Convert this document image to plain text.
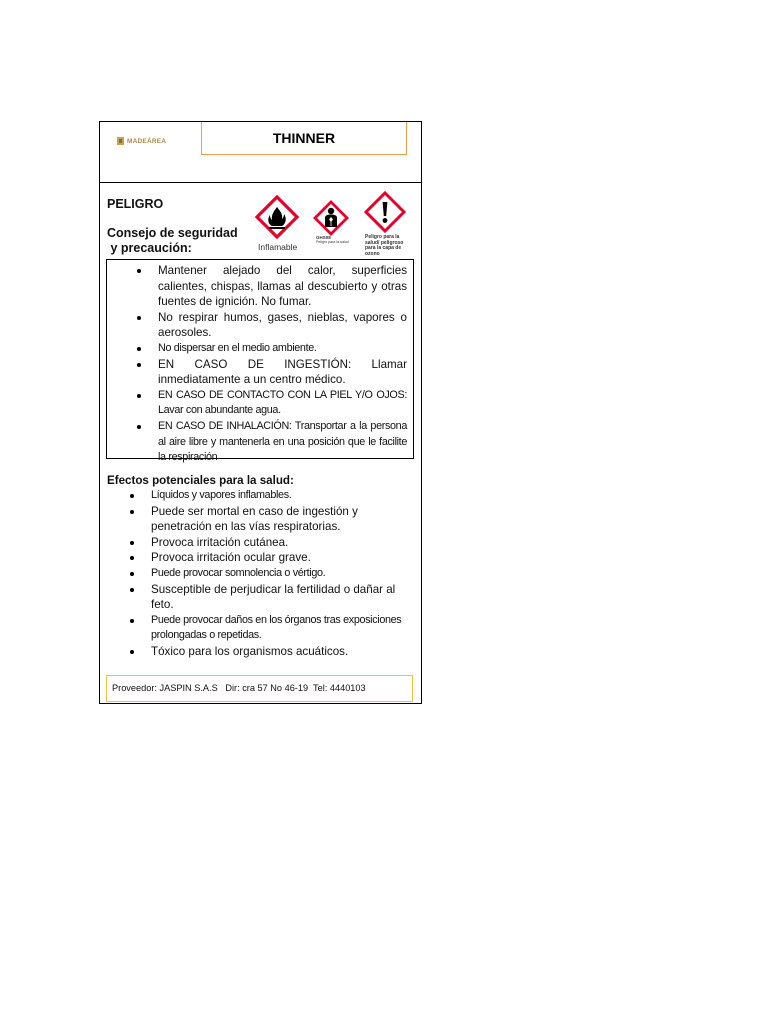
MADEÁREA	THINNER
PELIGRO
Consejo de seguridad
y precaución:	Inflamable
GHS08
Peligro para la salud
Peligro para la
salud/ peligroso
para la capa de
ozono
Mantener alejado del calor, superficies calientes, chispas, llamas al descubierto y otras fuentes de ignición. No fumar.
No respirar humos, gases, nieblas, vapores o aerosoles.
No dispersar en el medio ambiente.
EN CASO DE INGESTIÓN: Llamar inmediatamente a un centro médico.
EN CASO DE CONTACTO CON LA PIEL Y/O OJOS: Lavar con abundante agua.
EN CASO DE INHALACIÓN: Transportar a la persona al aire libre y mantenerla en una posición que le facilite la respiración
Efectos potenciales para la salud:
Líquidos y vapores inflamables.
Puede ser mortal en caso de ingestión y penetración en las vías respiratorias.
Provoca irritación cutánea.
Provoca irritación ocular grave.
Puede provocar somnolencia o vértigo.
Susceptible de perjudicar la fertilidad o dañar al feto.
Puede provocar daños en los órganos tras exposiciones prolongadas o repetidas.
Tóxico para los organismos acuáticos.
Proveedor: JASPIN S.A.S   Dir: cra 57 No 46-19  Tel: 4440103
